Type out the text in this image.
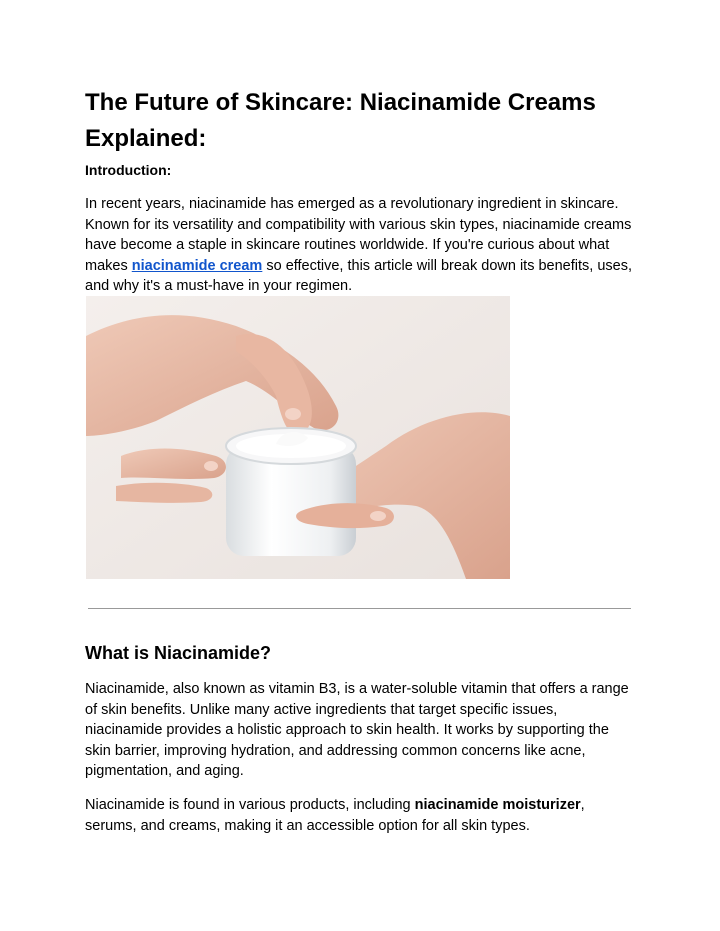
The Future of Skincare: Niacinamide Creams Explained:

Introduction:

In recent years, niacinamide has emerged as a revolutionary ingredient in skincare. Known for its versatility and compatibility with various skin types, niacinamide creams have become a staple in skincare routines worldwide. If you're curious about what makes niacinamide cream so effective, this article will break down its benefits, uses, and why it's a must-have in your regimen.

What is Niacinamide?

Niacinamide, also known as vitamin B3, is a water-soluble vitamin that offers a range of skin benefits. Unlike many active ingredients that target specific issues, niacinamide provides a holistic approach to skin health. It works by supporting the skin barrier, improving hydration, and addressing common concerns like acne, pigmentation, and aging.

Niacinamide is found in various products, including niacinamide moisturizer, serums, and creams, making it an accessible option for all skin types.
